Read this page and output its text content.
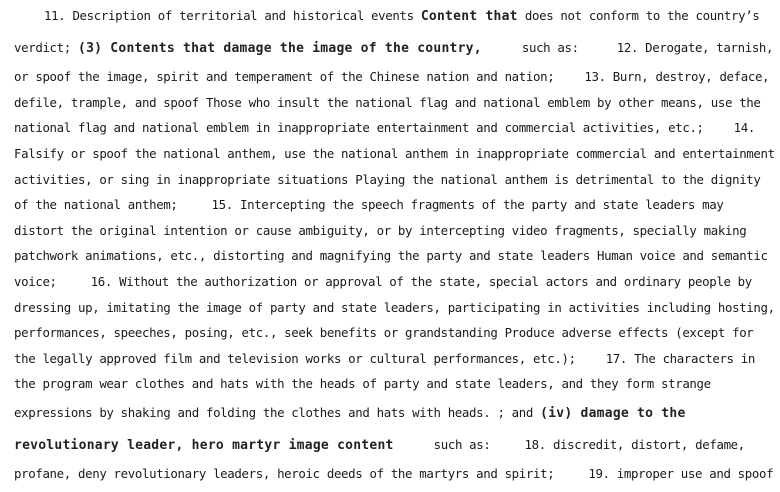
11. Description of territorial and historical events Content that does not conform to the country’s
verdict; (3) Contents that damage the image of the country,	such as:	12. Derogate, tarnish,
or spoof the image, spirit and temperament of the Chinese nation and nation; 13. Burn, destroy, deface,
defile, trample, and spoof Those who insult the national flag and national emblem by other means, use the
national flag and national emblem in inappropriate entertainment and commercial activities, etc.; 14.
Falsify or spoof the national anthem, use the national anthem in inappropriate commercial and entertainment
activities, or sing in inappropriate situations Playing the national anthem is detrimental to the dignity
of the national anthem;	15. Intercepting the speech fragments of the party and state leaders may
distort the original intention or cause ambiguity, or by intercepting video fragments, specially making
patchwork animations, etc., distorting and magnifying the party and state leaders Human voice and semantic
voice;	16. Without the authorization or approval of the state, special actors and ordinary people by
dressing up, imitating the image of party and state leaders, participating in activities including hosting,
performances, speeches, posing, etc., seek benefits or grandstanding Produce adverse effects (except for
the legally approved film and television works or cultural performances, etc.); 17. The characters in
the program wear clothes and hats with the heads of party and state leaders, and they form strange
expressions by shaking and folding the clothes and hats with heads. ; and (iv) damage to the
revolutionary leader, hero martyr image content	such as:	18. discredit, distort, defame,
profane, deny revolutionary leaders, heroic deeds of the martyrs and spirit;	19. improper use and spoof
